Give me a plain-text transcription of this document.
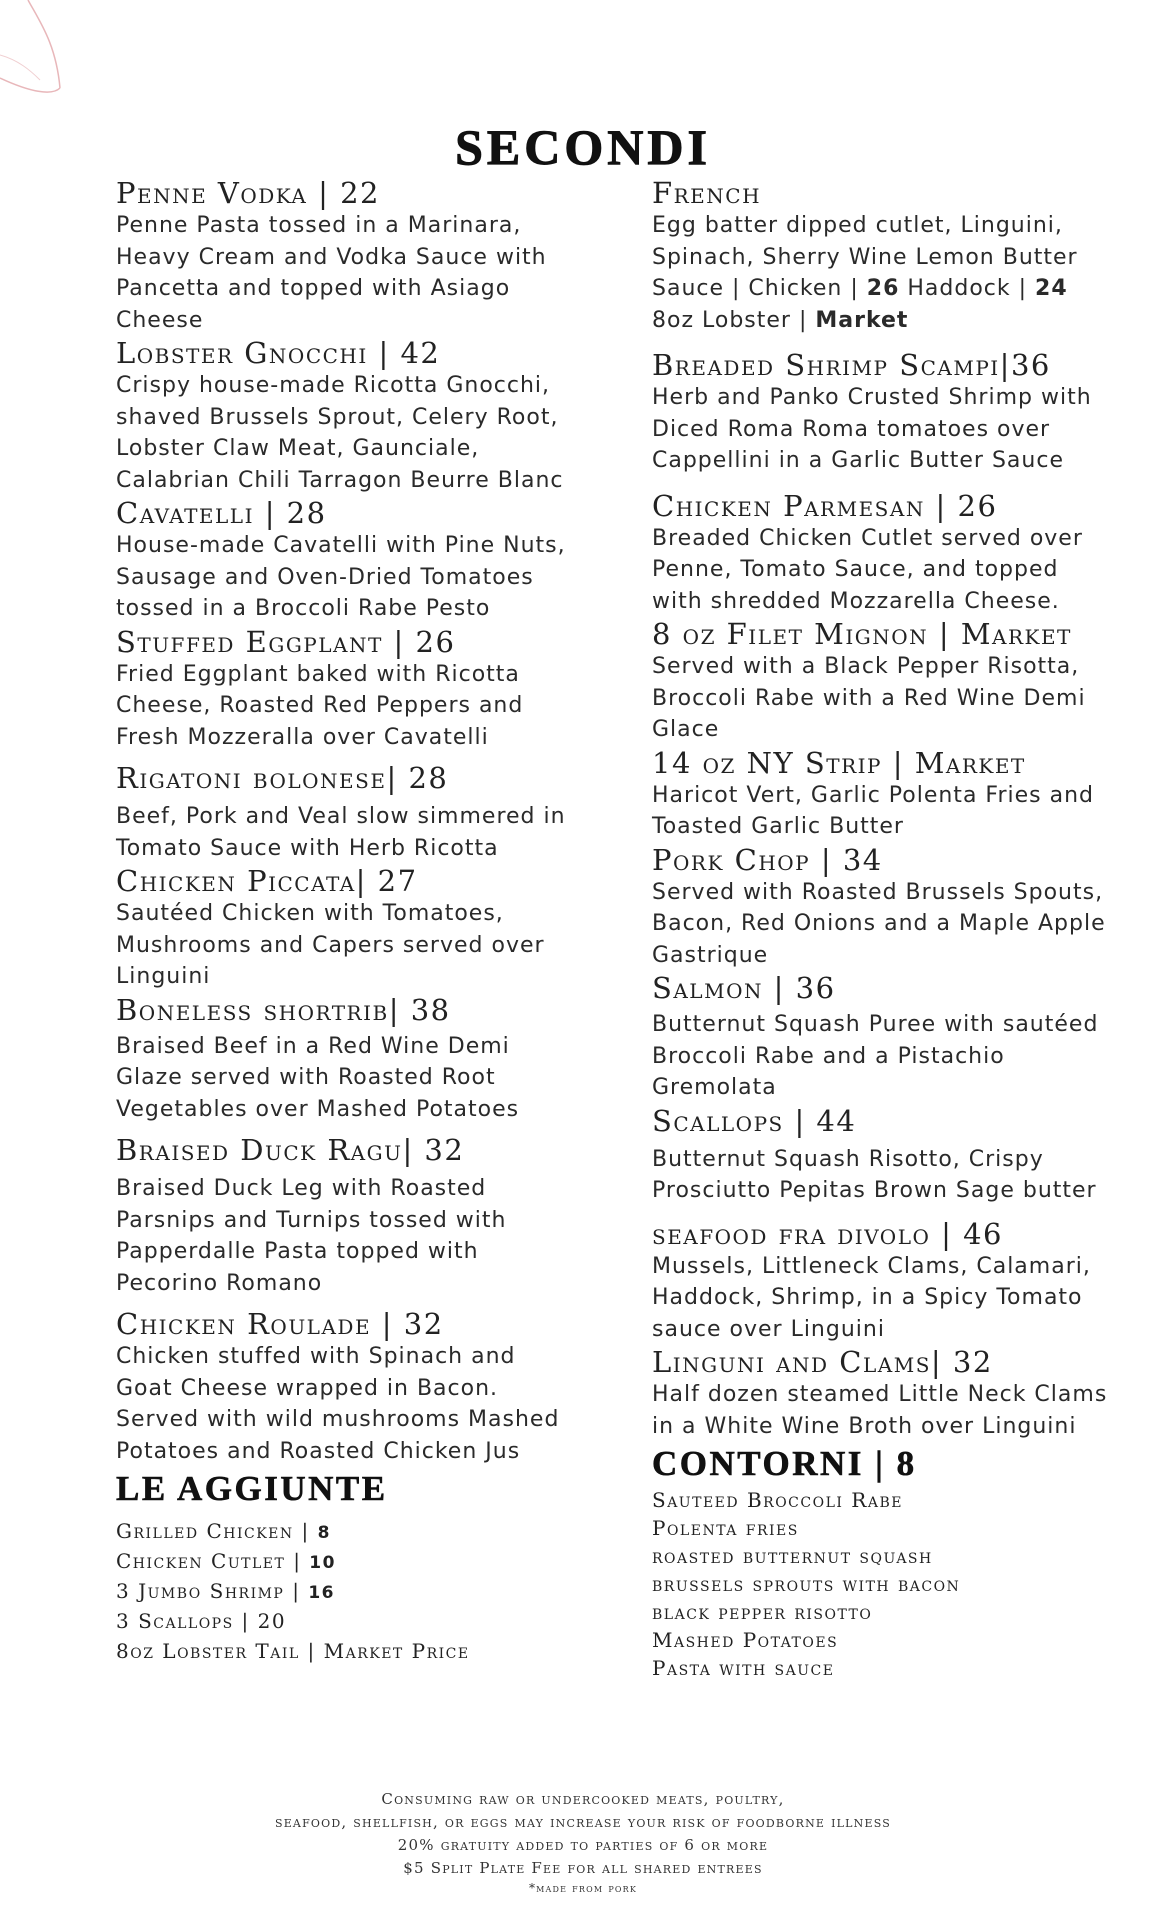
SECONDI
Penne Vodka | 22
Penne Pasta tossed in a Marinara, Heavy Cream and Vodka Sauce with Pancetta and topped with Asiago Cheese
Lobster Gnocchi | 42
Crispy house-made Ricotta Gnocchi, shaved Brussels Sprout, Celery Root, Lobster Claw Meat, Gaunciale, Calabrian Chili Tarragon Beurre Blanc
Cavatelli | 28
House-made Cavatelli with Pine Nuts, Sausage and Oven-Dried Tomatoes tossed in a Broccoli Rabe Pesto
Stuffed Eggplant | 26
Fried Eggplant baked with Ricotta Cheese, Roasted Red Peppers and Fresh Mozzeralla over Cavatelli
Rigatoni bolonese| 28
Beef, Pork and Veal slow simmered in Tomato Sauce with Herb Ricotta
Chicken Piccata| 27
Sautéed Chicken with Tomatoes, Mushrooms and Capers served over Linguini
Boneless shortrib| 38
Braised Beef in a Red Wine Demi Glaze served with Roasted Root Vegetables over Mashed Potatoes
Braised Duck Ragu| 32
Braised Duck Leg with Roasted Parsnips and Turnips tossed with Papperdalle Pasta topped with Pecorino Romano
Chicken Roulade | 32
Chicken stuffed with Spinach and Goat Cheese wrapped in Bacon. Served with wild mushrooms Mashed Potatoes and Roasted Chicken Jus
LE AGGIUNTE
Grilled Chicken | 8
Chicken Cutlet | 10
3 Jumbo Shrimp | 16
3 Scallops | 20
8oz Lobster Tail | Market Price
French
Egg batter dipped cutlet, Linguini, Spinach, Sherry Wine Lemon Butter Sauce | Chicken | 26 Haddock | 24 8oz Lobster | Market
Breaded Shrimp Scampi|36
Herb and Panko Crusted Shrimp with Diced Roma Roma tomatoes over Cappellini in a Garlic Butter Sauce
Chicken Parmesan | 26
Breaded Chicken Cutlet served over Penne, Tomato Sauce, and topped with shredded Mozzarella Cheese.
8 oz Filet Mignon | Market
Served with a Black Pepper Risotta, Broccoli Rabe with a Red Wine Demi Glace
14 oz NY Strip | Market
Haricot Vert, Garlic Polenta Fries and Toasted Garlic Butter
Pork Chop | 34
Served with Roasted Brussels Spouts, Bacon, Red Onions and a Maple Apple Gastrique
Salmon | 36
Butternut Squash Puree with sautéed Broccoli Rabe and a Pistachio Gremolata
Scallops | 44
Butternut Squash Risotto, Crispy Prosciutto Pepitas Brown Sage butter
seafood fra divolo | 46
Mussels, Littleneck Clams, Calamari, Haddock, Shrimp, in a Spicy Tomato sauce over Linguini
Linguni and Clams| 32
Half dozen steamed Little Neck Clams in a White Wine Broth over Linguini
CONTORNI | 8
Sauteed Broccoli Rabe
Polenta fries
roasted butternut squash
brussels sprouts with bacon
black pepper risotto
Mashed Potatoes
Pasta with sauce
Consuming raw or undercooked meats, poultry,
seafood, shellfish, or eggs may increase your risk of foodborne illness
20% gratuity added to parties of 6 or more
$5 Split Plate Fee for all shared entrees
*made from pork
